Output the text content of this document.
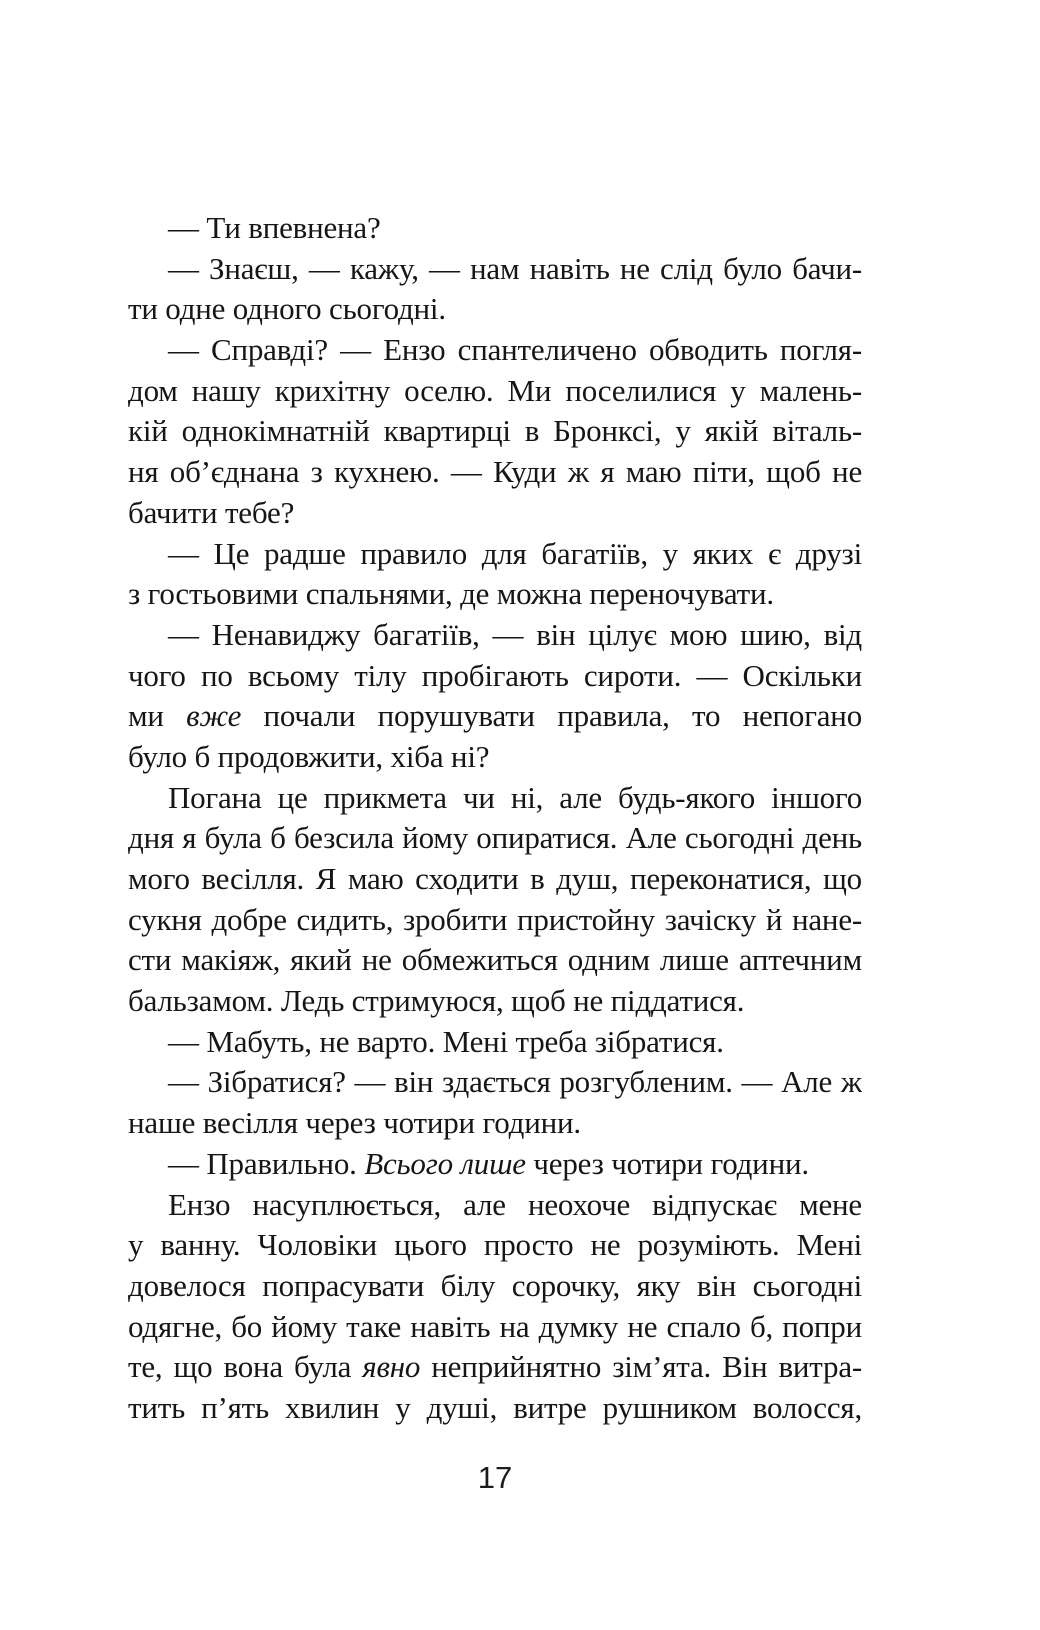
— Ти впевнена?
— Знаєш, — кажу, — нам навіть не слід було бачи-
ти одне одного сьогодні.
— Справді? — Ензо спантеличено обводить погля-
дом нашу крихітну оселю. Ми поселилися у малень-
кій однокімнатній квартирці в Бронксі, у якій віталь-
ня об’єднана з кухнею. — Куди ж я маю піти, щоб не
бачити тебе?
— Це радше правило для багатіїв, у яких є друзі
з гостьовими спальнями, де можна переночувати.
— Ненавиджу багатіїв, — він цілує мою шию, від
чого по всьому тілу пробігають сироти. — Оскільки
ми вже почали порушувати правила, то непогано
було б продовжити, хіба ні?
Погана це прикмета чи ні, але будь-якого іншого
дня я була б безсила йому опиратися. Але сьогодні день
мого весілля. Я маю сходити в душ, переконатися, що
сукня добре сидить, зробити пристойну зачіску й нане-
сти макіяж, який не обмежиться одним лише аптечним
бальзамом. Ледь стримуюся, щоб не піддатися.
— Мабуть, не варто. Мені треба зібратися.
— Зібратися? — він здається розгубленим. — Але ж
наше весілля через чотири години.
— Правильно. Всього лише через чотири години.
Ензо насуплюється, але неохоче відпускає мене
у ванну. Чоловіки цього просто не розуміють. Мені
довелося попрасувати білу сорочку, яку він сьогодні
одягне, бо йому таке навіть на думку не спало б, попри
те, що вона була явно неприйнятно зім’ята. Він витра-
тить п’ять хвилин у душі, витре рушником волосся,
17
